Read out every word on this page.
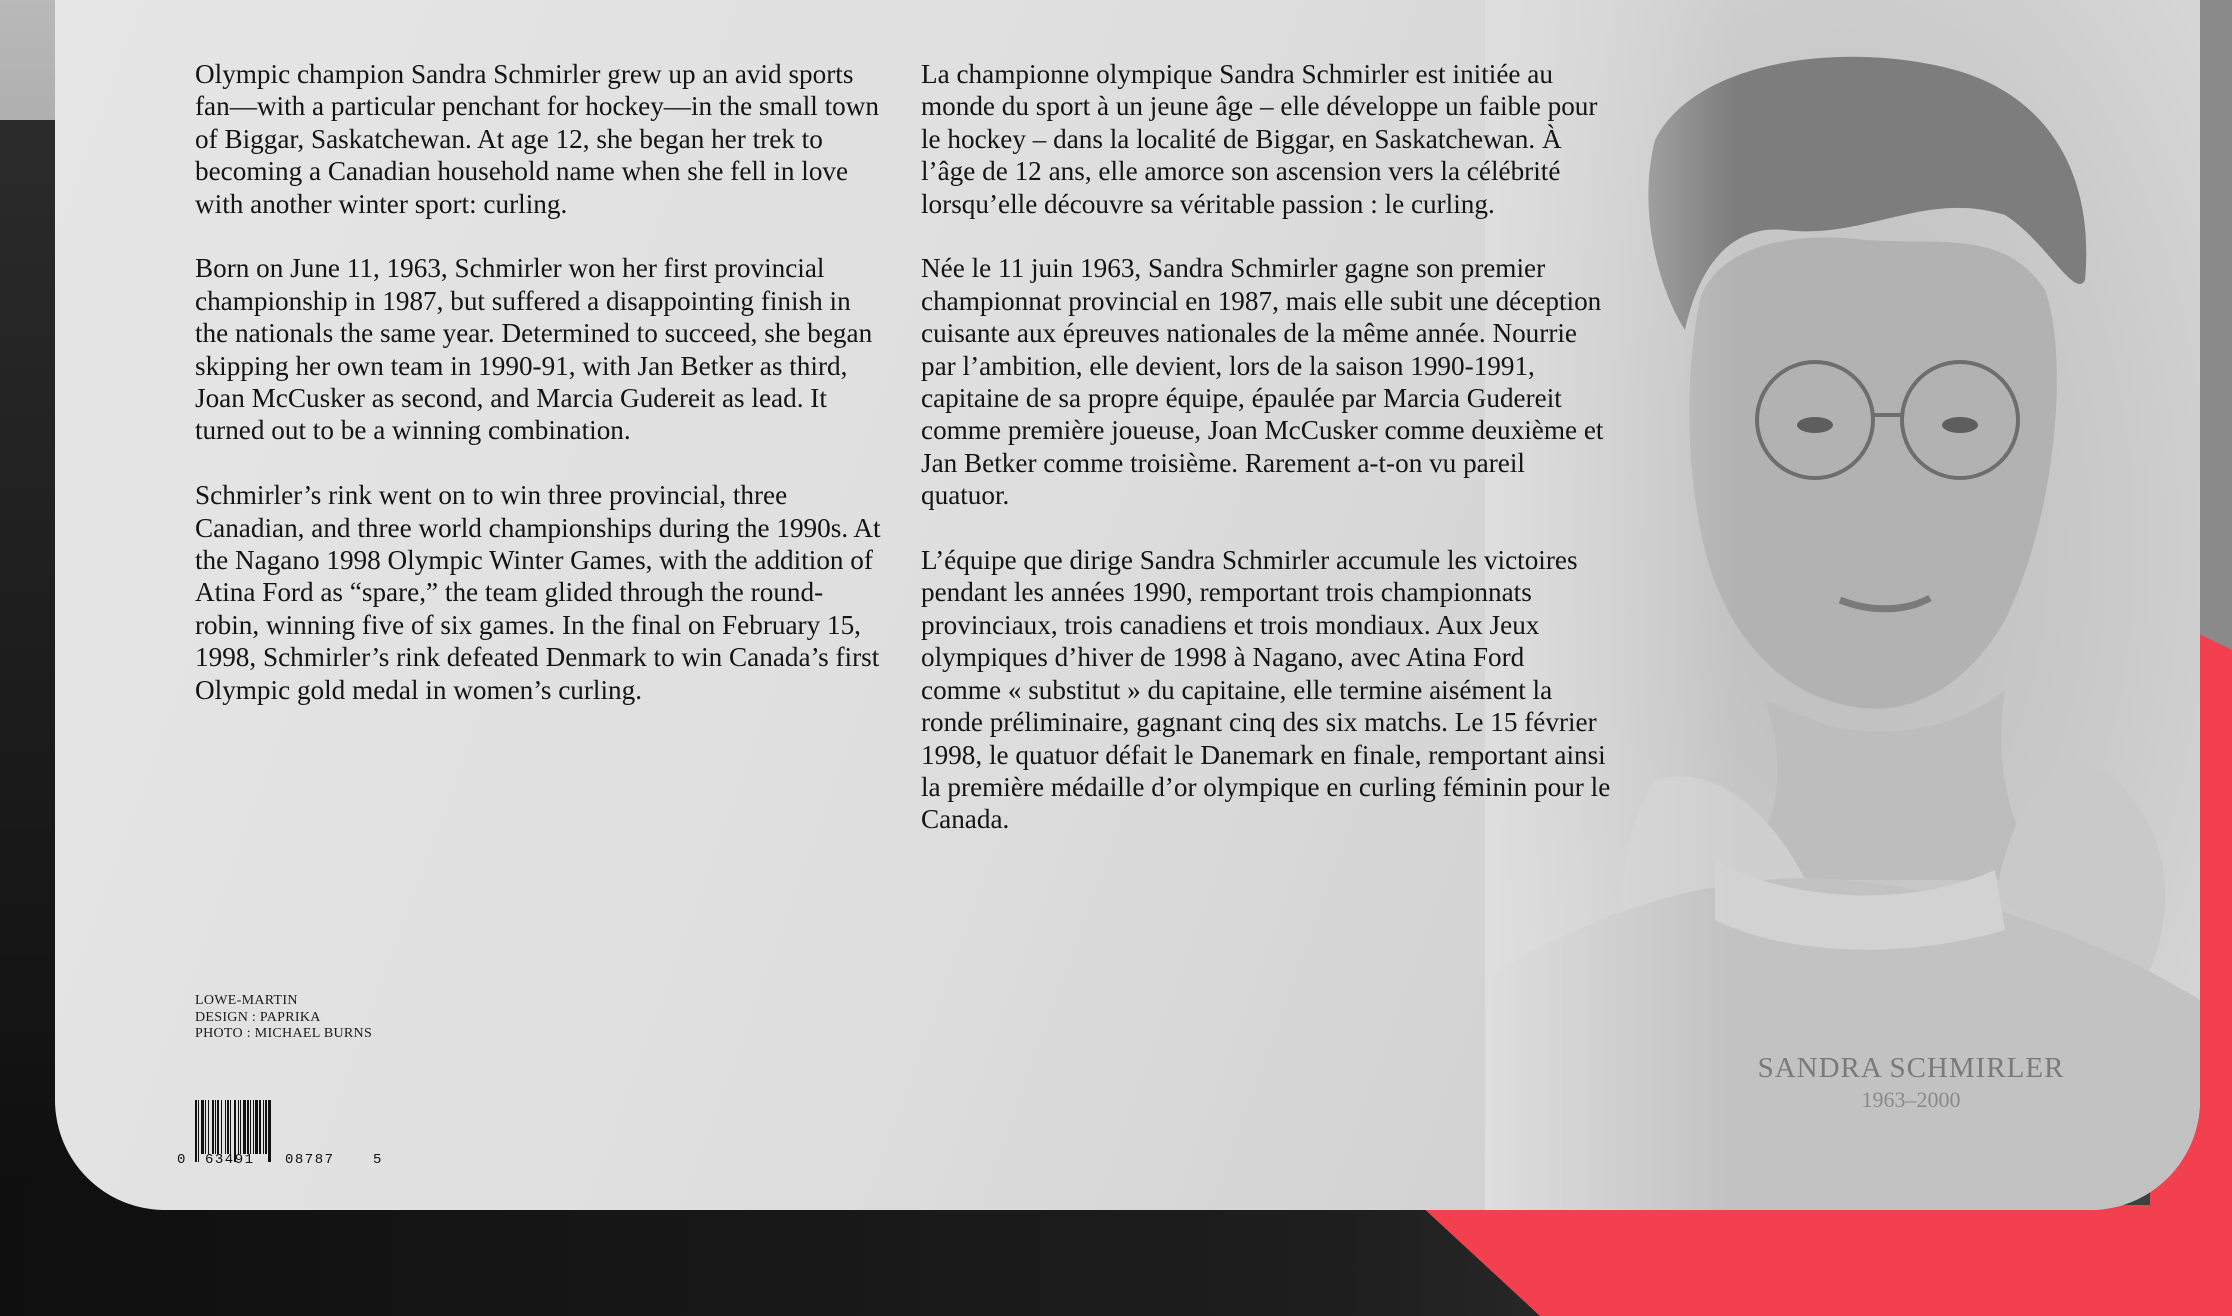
Olympic champion Sandra Schmirler grew up an avid sports fan—with a particular penchant for hockey—in the small town of Biggar, Saskatchewan. At age 12, she began her trek to becoming a Canadian household name when she fell in love with another winter sport: curling.

Born on June 11, 1963, Schmirler won her first provincial championship in 1987, but suffered a disappointing finish in the nationals the same year. Determined to succeed, she began skipping her own team in 1990-91, with Jan Betker as third, Joan McCusker as second, and Marcia Gudereit as lead. It turned out to be a winning combination.

Schmirler’s rink went on to win three provincial, three Canadian, and three world championships during the 1990s. At the Nagano 1998 Olympic Winter Games, with the addition of Atina Ford as “spare,” the team glided through the round-robin, winning five of six games. In the final on February 15, 1998, Schmirler’s rink defeated Denmark to win Canada’s first Olympic gold medal in women’s curling.

La championne olympique Sandra Schmirler est initiée au monde du sport à un jeune âge – elle développe un faible pour le hockey – dans la localité de Biggar, en Saskatchewan. À l’âge de 12 ans, elle amorce son ascension vers la célébrité lorsqu’elle découvre sa véritable passion : le curling.

Née le 11 juin 1963, Sandra Schmirler gagne son premier championnat provincial en 1987, mais elle subit une déception cuisante aux épreuves nationales de la même année. Nourrie par l’ambition, elle devient, lors de la saison 1990-1991, capitaine de sa propre équipe, épaulée par Marcia Gudereit comme première joueuse, Joan McCusker comme deuxième et Jan Betker comme troisième. Rarement a-t-on vu pareil quatuor.

L’équipe que dirige Sandra Schmirler accumule les victoires pendant les années 1990, remportant trois championnats provinciaux, trois canadiens et trois mondiaux. Aux Jeux olympiques d’hiver de 1998 à Nagano, avec Atina Ford comme « substitut » du capitaine, elle termine aisément la ronde préliminaire, gagnant cinq des six matchs. Le 15 février 1998, le quatuor défait le Danemark en finale, remportant ainsi la première médaille d’or olympique en curling féminin pour le Canada.

LOWE-MARTIN
DESIGN : PAPRIKA
PHOTO : MICHAEL BURNS
0 63491 08787	5
SANDRA SCHMIRLER
1963–2000
